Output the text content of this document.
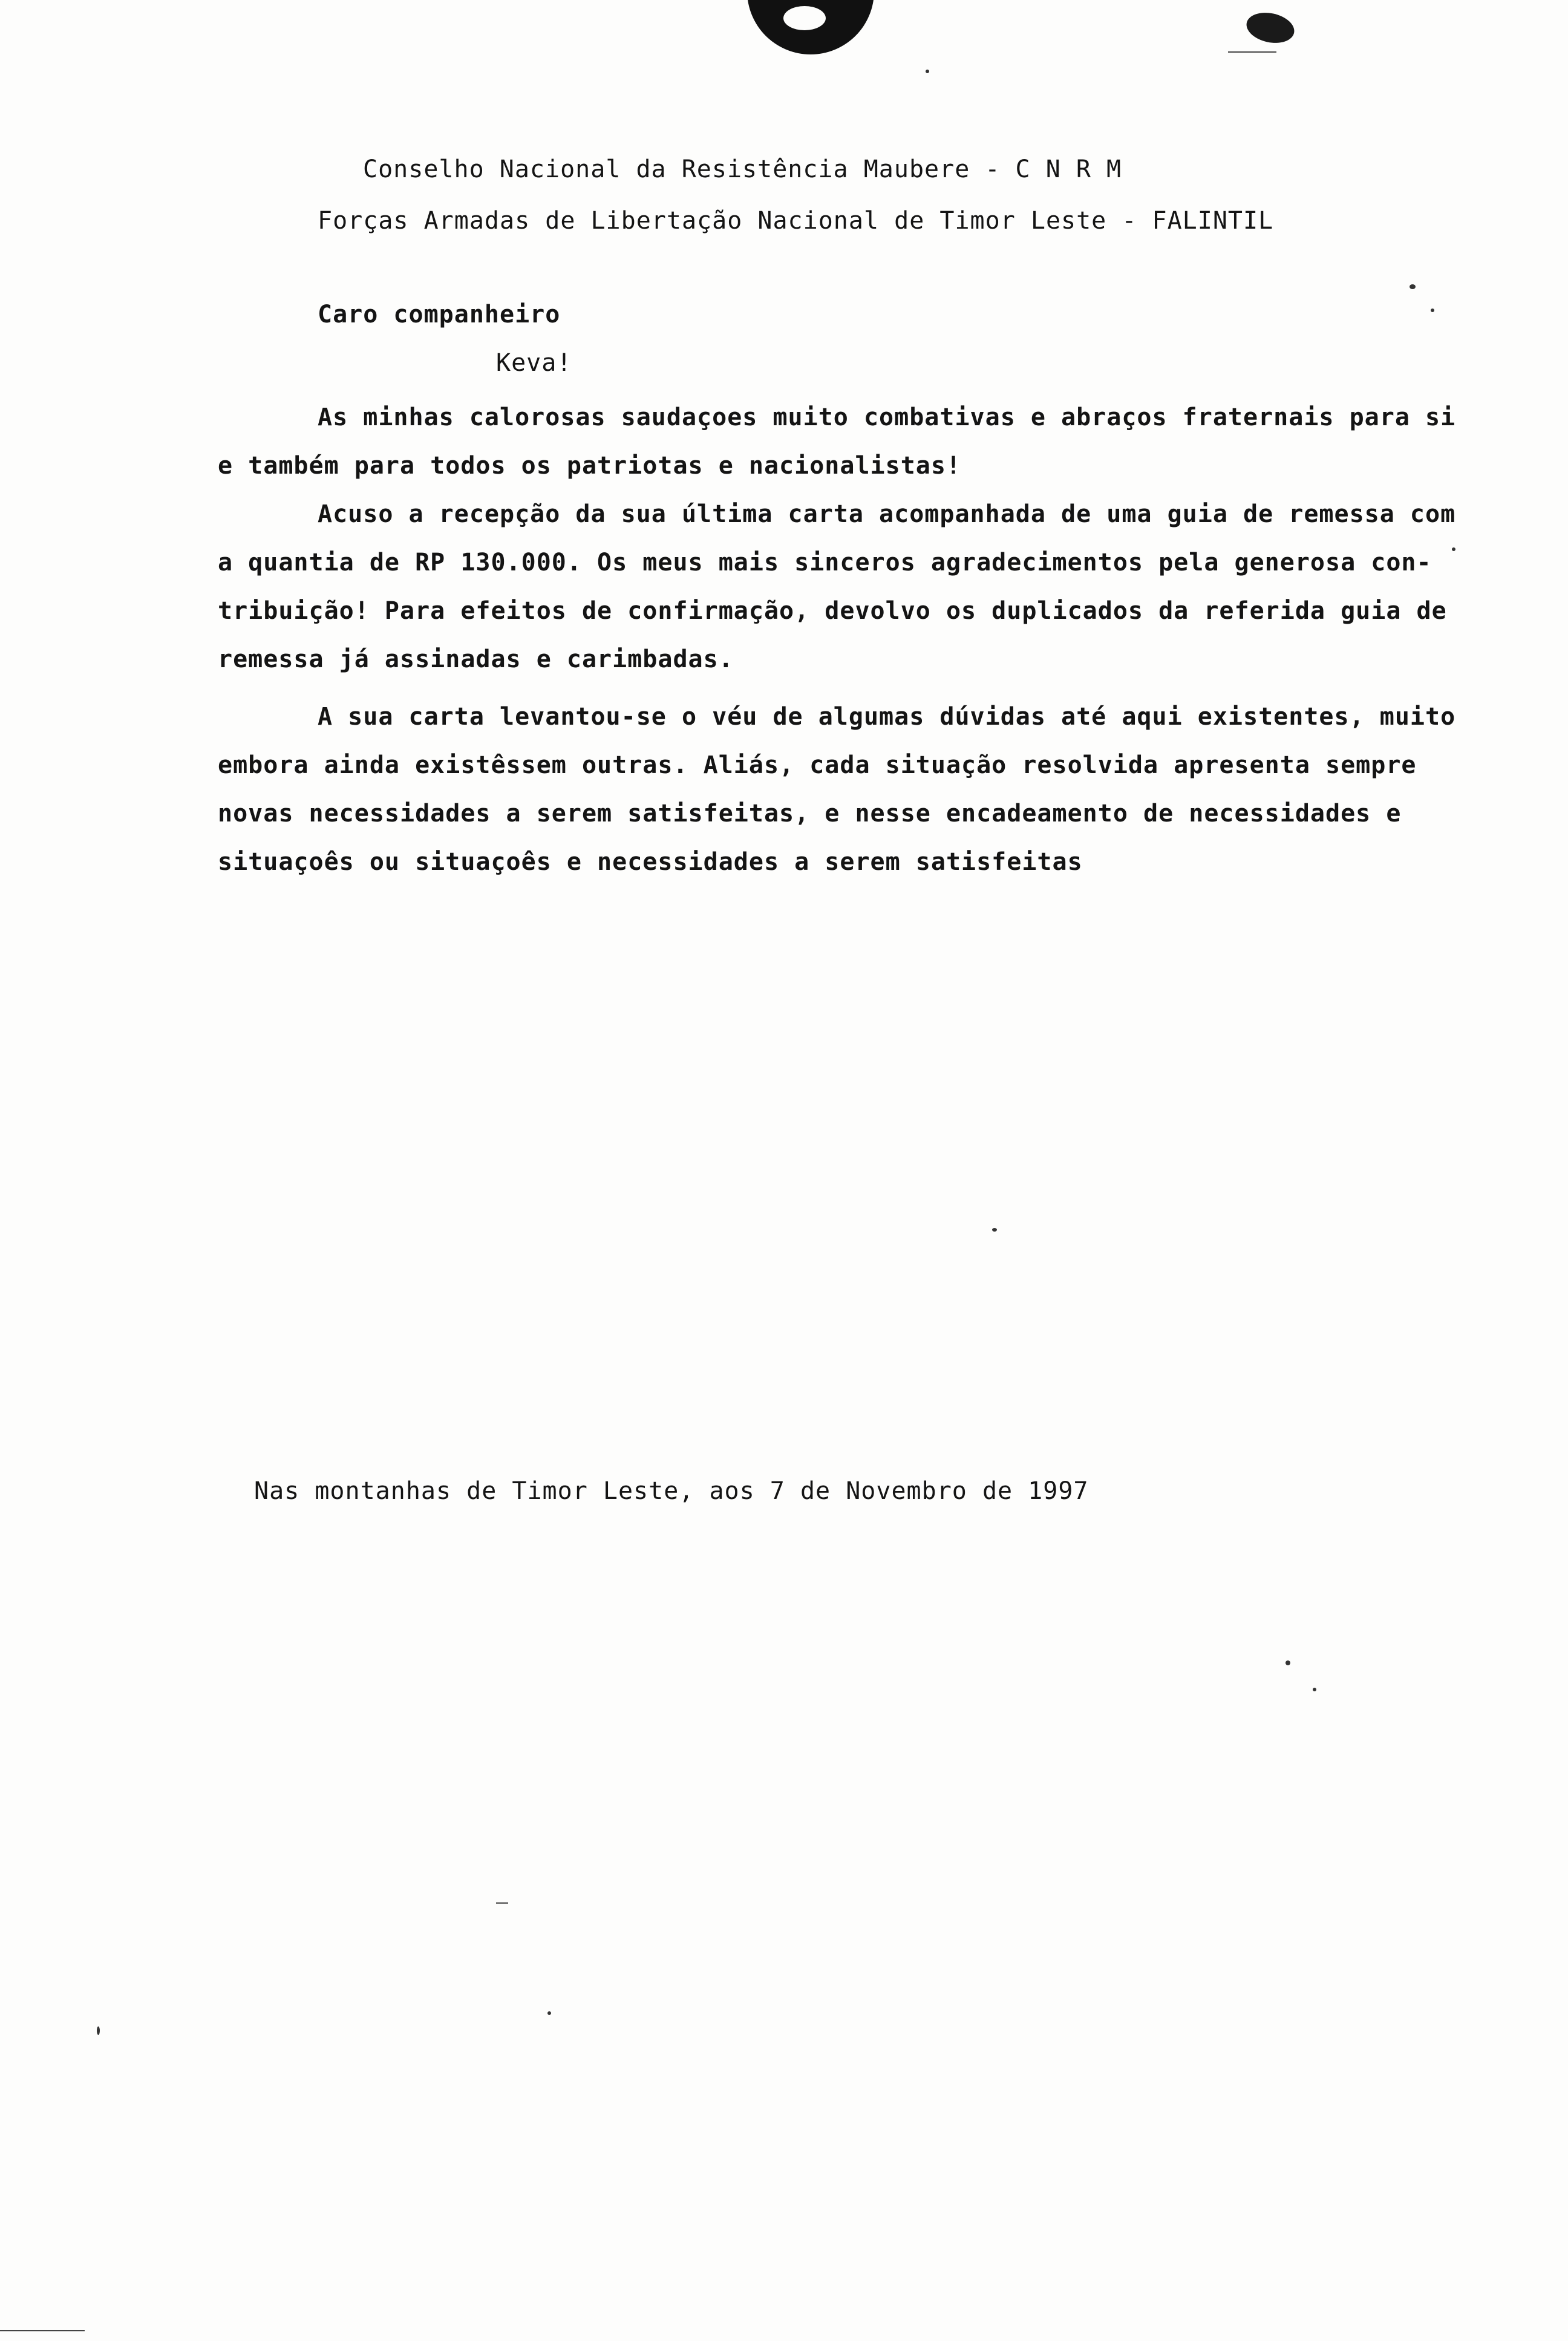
Conselho Nacional da Resistência Maubere - C N R M
Forças Armadas de Libertação Nacional de Timor Leste - FALINTIL
Caro companheiro
Keva!
As minhas calorosas saudaçoes muito combativas e abraços fraternais para si
e também para todos os patriotas e nacionalistas!
Acuso a recepção da sua última carta acompanhada de uma guia de remessa com
a quantia de RP 130.000. Os meus mais sinceros agradecimentos pela generosa con-
tribuição! Para efeitos de confirmação, devolvo os duplicados da referida guia de
remessa já assinadas e carimbadas.
A sua carta levantou-se o véu de algumas dúvidas até aqui existentes, muito
embora ainda existêssem outras. Aliás, cada situação resolvida apresenta sempre
novas necessidades a serem satisfeitas, e nesse encadeamento de necessidades e
situaçoês ou situaçoês e necessidades a serem satisfeitas
Nas montanhas de Timor Leste, aos 7 de Novembro de 1997
